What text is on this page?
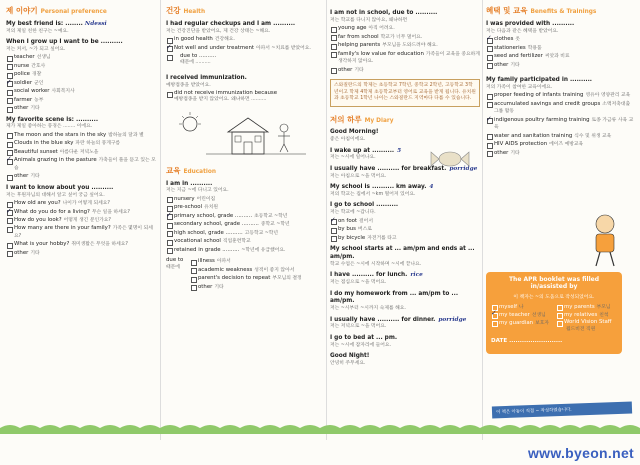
제 이야기 Personal preference
My best friend is: ........ Ndessi
저의 제일 친한 친구는 ~예요.
When I grow up I want to be ..........
저는 커서, ~가 되고 싶어요.
teacher 선생님
nurse 간호사
police 경찰
soldier 군인 ✓
social worker 사회복지사
farmer 농부
other 기타
My favorite scene is: ..........
제가 제일 좋아하는 풍경은 ........ 이에요.
The moon and the stars in the sky 밤하늘의 달과 별
Clouds in the blue sky 파란 하늘의 뭉게구름
Beautiful sunset 아름다운 저녁노을
Animals grazing in the pasture 가축들이 풀을 뜯고 있는 모습 ✓
other 기타
I want to know about you ..........
저는 후원자님의 대해서 알고 싶어 궁금 싶어요.
How old are you? 나이가 어떻게 되세요?
What do you do for a living? 무슨 일을 하세요? ✓
How do you look? 어떻게 생긴 분인가요?
How many are there in your family? 가족은 몇명이 되세요?
What is your hobby? 취미생활은 무엇을 하세요?
other 기타
건강 Health
I had regular checkups and I am ..........
저는 건강진단을 받았어요, 제 건강 상태는 ~해요.
in good health 건강해요.
Not well and under treatment 아파서 ~치료를 받았어요. ✓
due to ..........
때문에 ..........
I received immunization.
예방접종을 받았어요.
did not receive immunization because
예방접종을 받지 않았어요. 왜냐하면 ..........
교육 Education
I am in ..........
저는 지금 ~에 다니고 있어요.
nursery 어린이집
pre-school 유치원
primary school, grade .......... 초등학교 ~학년 ✓
secondary school, grade .......... 중학교 ~학년
high school, grade .......... 고등학교 ~학년
vocational school 직업훈련학교
retained in grade .......... ~학년에 유급했어요.
due to
때문에
illness 아파서
academic weakness 성적이 좋지 않아서
parent's decision to repeat 부모님의 결정
other 기타
I am not in school, due to ..........
저는 학교를 다니지 않아요, 왜냐하면
young age 아직 어려요.
far from school 학교가 너무 멀어요.
helping parents 부모님을 도와드려야 해요.
family's low value for education 가족들이 교육을 중요하게 생각하지 않아요.
other 기타
스와질란드의 학제는 초등학교 7학년, 중학교 2학년, 고등학교 3학년이고 학제 4학제 초등학교부터 영어로 교육을 받게 됩니다. 유치원과 초등학교 1학년 나이는 스와질란드 지역마다 다를 수 있습니다.
저의 하루 My Diary
Good Morning!
좋은 아침이에요.
I wake up at .......... 5
저는 ~시에 일어나요.
I usually have .......... for breakfast. porridge
저는 아침으로 ~을 먹어요.
My school is .......... km away. 4
저의 학교는 집에서 ~km 떨어져 있어요.
I go to school ..........
저는 학교에 ~갑니다.
on foot 걸어서 ✓
by bus 버스로
by bicycle 자전거를 타고
My school starts at ... am/pm and ends at ... am/pm.
학교 수업은 ~시에 시작하며 ~시에 끝나요.
I have .......... for lunch. rice
저는 점심으로 ~을 먹어요.
I do my homework from ... am/pm to ... am/pm.
저는 ~시부터 ~시까지 숙제를 해요.
I usually have .......... for dinner. porridge
저는 저녁으로 ~을 먹어요.
I go to bed at ... pm.
저는 ~시에 잠자리에 들어요.
Good Night!
안녕히 주무세요.
혜택 및 교육 Benefits & Trainings
I was provided with ..........
저는 다음과 같은 혜택을 받았어요.
clothes 옷 ✓
stationeries 학용품
seed and fertilizer 씨앗과 비료
other 기타
My family participated in ..........
저의 가족이 참여한 교육이에요.
proper feeding of infants training 영유아 영양관리 교육
accumulated savings and credit groups 소액저축대출 그룹 활동
indigenous poultry farming training 토종 가금류 사육 교육 ✓
water and sanitation training 식수 및 위생 교육
HIV AIDS protection 에이즈 예방교육
other 기타
The APR booklet was filled in/assisted by
이 책자는 ~의 도움으로 작성되었어요.
myself 나	my parents 부모님
my teacher 선생님 ✓	my relatives 친척
my guardian 보호자	World Vision Staff월드비전 직원
DATE .........................
이 책은 아동이 직접 ~ 작성하였습니다.
www.byeon.net
